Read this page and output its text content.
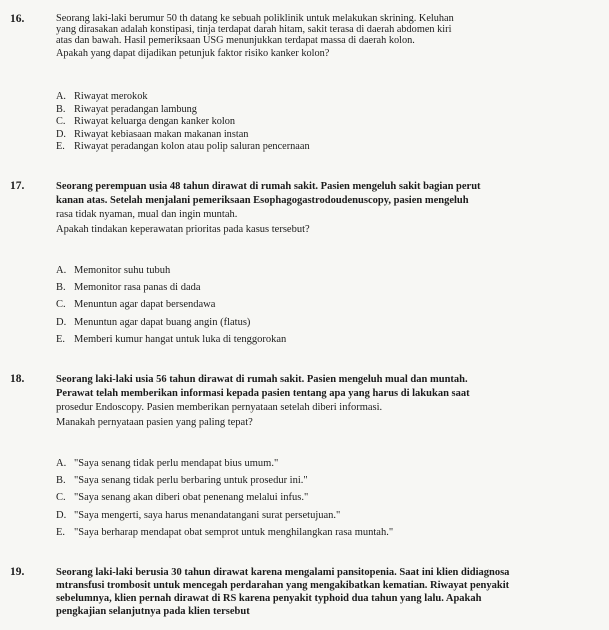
16.	Seorang laki-laki berumur 50 th datang ke sebuah poliklinik untuk melakukan skrining. Keluhan
yang dirasakan adalah konstipasi, tinja terdapat darah hitam, sakit terasa di daerah abdomen kiri
atas dan bawah. Hasil pemeriksaan USG menunjukkan terdapat massa di daerah kolon.
Apakah yang dapat dijadikan petunjuk faktor risiko kanker kolon?
A. Riwayat merokok
B. Riwayat peradangan lambung
C. Riwayat keluarga dengan kanker kolon
D. Riwayat kebiasaan makan makanan instan
E. Riwayat peradangan kolon atau polip saluran pencernaan
17.	Seorang perempuan usia 48 tahun dirawat di rumah sakit. Pasien mengeluh sakit bagian perut
kanan atas. Setelah menjalani pemeriksaan Esophagogastrodoudenuscopy, pasien mengeluh
rasa tidak nyaman, mual dan ingin muntah.
Apakah tindakan keperawatan prioritas pada kasus tersebut?
A. Memonitor suhu tubuh
B. Memonitor rasa panas di dada
C. Menuntun agar dapat bersendawa
D. Menuntun agar dapat buang angin (flatus)
E. Memberi kumur hangat untuk luka di tenggorokan
18.	Seorang laki-laki usia 56 tahun dirawat di rumah sakit. Pasien mengeluh mual dan muntah.
Perawat telah memberikan informasi kepada pasien tentang apa yang harus di lakukan saat
prosedur Endoscopy. Pasien memberikan pernyataan setelah diberi informasi.
Manakah pernyataan pasien yang paling tepat?
A. "Saya senang tidak perlu mendapat bius umum."
B. "Saya senang tidak perlu berbaring untuk prosedur ini."
C. "Saya senang akan diberi obat penenang melalui infus."
D. "Saya mengerti, saya harus menandatangani surat persetujuan."
E. "Saya berharap mendapat obat semprot untuk menghilangkan rasa muntah."
19.	Seorang laki-laki berusia 30 tahun dirawat karena mengalami pansitopenia. Saat ini klien didiagnosa
mtransfusi trombosit untuk mencegah perdarahan yang mengakibatkan kematian. Riwayat penyakit
sebelumnya, klien pernah dirawat di RS karena penyakit typhoid dua tahun yang lalu. Apakah
pengkajian selanjutnya pada klien tersebut
